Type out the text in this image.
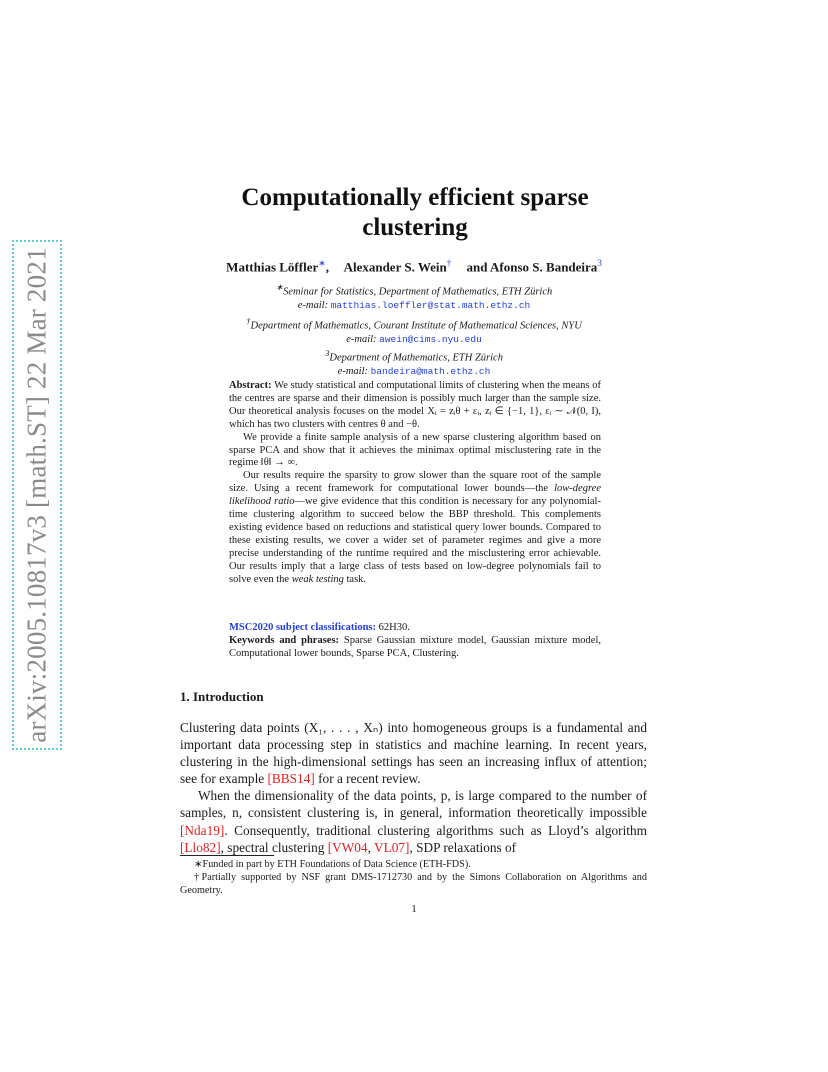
arXiv:2005.10817v3 [math.ST] 22 Mar 2021
Computationally efficient sparse
clustering
Matthias Löffler∗, Alexander S. Wein† and Afonso S. Bandeira$^3$
∗Seminar for Statistics, Department of Mathematics, ETH Zürich
e-mail: matthias.loeffler@stat.math.ethz.ch
†Department of Mathematics, Courant Institute of Mathematical Sciences, NYU
e-mail: awein@cims.nyu.edu
$^3$Department of Mathematics, ETH Zürich
e-mail: bandeira@math.ethz.ch

Abstract: We study statistical and computational limits of clustering when the means of the centres are sparse and their dimension is possibly much larger than the sample size. Our theoretical analysis focuses on the model Xᵢ = zᵢθ + εᵢ, zᵢ ∈ {−1, 1}, εᵢ ∼ 𝒩(0, I), which has two clusters with centres θ and −θ.

We provide a finite sample analysis of a new sparse clustering algorithm based on sparse PCA and show that it achieves the minimax optimal misclustering rate in the regime ‖θ‖ → ∞.

Our results require the sparsity to grow slower than the square root of the sample size. Using a recent framework for computational lower bounds—the low-degree likelihood ratio—we give evidence that this condition is necessary for any polynomial-time clustering algorithm to succeed below the BBP threshold. This complements existing evidence based on reductions and statistical query lower bounds. Compared to these existing results, we cover a wider set of parameter regimes and give a more precise understanding of the runtime required and the misclustering error achievable. Our results imply that a large class of tests based on low-degree polynomials fail to solve even the weak testing task.

MSC2020 subject classifications: 62H30.

Keywords and phrases: Sparse Gaussian mixture model, Gaussian mixture model, Computational lower bounds, Sparse PCA, Clustering.

1. Introduction

Clustering data points (X₁, . . . , Xₙ) into homogeneous groups is a fundamental and important data processing step in statistics and machine learning. In recent years, clustering in the high-dimensional settings has seen an increasing influx of attention; see for example [BBS14] for a recent review.

When the dimensionality of the data points, p, is large compared to the number of samples, n, consistent clustering is, in general, information theoretically impossible [Nda19]. Consequently, traditional clustering algorithms such as Lloyd’s algorithm [Llo82], spectral clustering [VW04, VL07], SDP relaxations of

∗Funded in part by ETH Foundations of Data Science (ETH-FDS).

†Partially supported by NSF grant DMS-1712730 and by the Simons Collaboration on Algorithms and Geometry.

1
